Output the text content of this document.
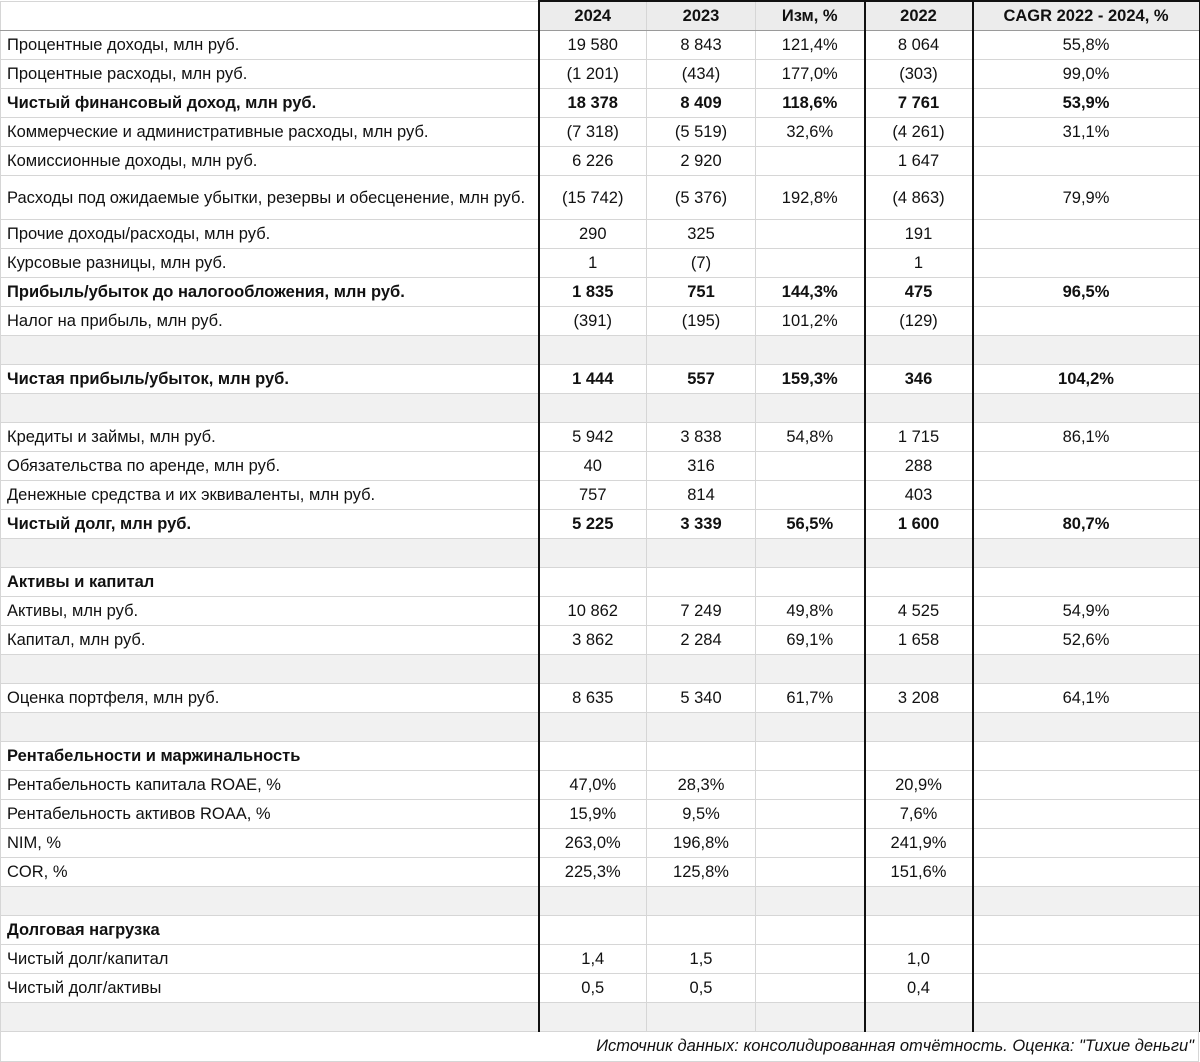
	2024	2023	Изм, %	2022	CAGR 2022 - 2024, %
Процентные доходы, млн руб.	19 580	8 843	121,4%	8 064	55,8%
Процентные расходы, млн руб.	(1 201)	(434)	177,0%	(303)	99,0%
Чистый финансовый доход, млн руб.	18 378	8 409	118,6%	7 761	53,9%
Коммерческие и административные расходы, млн руб.	(7 318)	(5 519)	32,6%	(4 261)	31,1%
Комиссионные доходы, млн руб.	6 226	2 920		1 647	
Расходы под ожидаемые убытки, резервы и обесценение, млн руб.	(15 742)	(5 376)	192,8%	(4 863)	79,9%
Прочие доходы/расходы, млн руб.	290	325		191	
Курсовые разницы, млн руб.	1	(7)		1	
Прибыль/убыток до налогообложения, млн руб.	1 835	751	144,3%	475	96,5%
Налог на прибыль, млн руб.	(391)	(195)	101,2%	(129)	

Чистая прибыль/убыток, млн руб.	1 444	557	159,3%	346	104,2%

Кредиты и займы, млн руб.	5 942	3 838	54,8%	1 715	86,1%
Обязательства по аренде, млн руб.	40	316		288	
Денежные средства и их эквиваленты, млн руб.	757	814		403	
Чистый долг, млн руб.	5 225	3 339	56,5%	1 600	80,7%

Активы и капитал					
Активы, млн руб.	10 862	7 249	49,8%	4 525	54,9%
Капитал, млн руб.	3 862	2 284	69,1%	1 658	52,6%

Оценка портфеля, млн руб.	8 635	5 340	61,7%	3 208	64,1%

Рентабельности и маржинальность					
Рентабельность капитала ROAE, %	47,0%	28,3%		20,9%	
Рентабельность активов ROAA, %	15,9%	9,5%		7,6%	
NIM, %	263,0%	196,8%		241,9%	
COR, %	225,3%	125,8%		151,6%	

Долговая нагрузка					
Чистый долг/капитал	1,4	1,5		1,0	
Чистый долг/активы	0,5	0,5		0,4	

Источник данных: консолидированная отчётность. Оценка: "Тихие деньги"
